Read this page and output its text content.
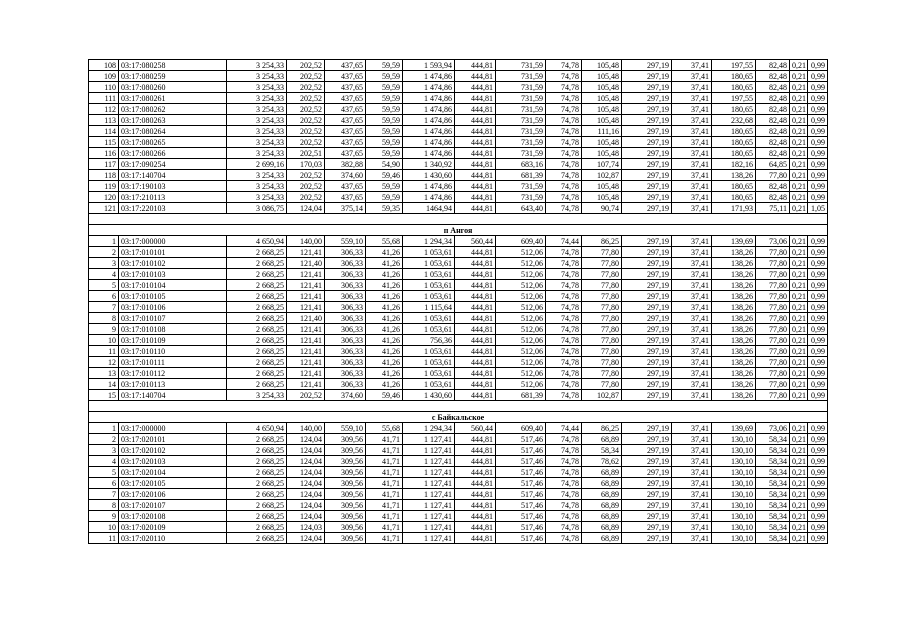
108	03:17:080258	3 254,33	202,52	437,65	59,59	1 593,94	444,81	731,59	74,78	105,48	297,19	37,41	197,55	82,48	0,21	0,99
109	03:17:080259	3 254,33	202,52	437,65	59,59	1 474,86	444,81	731,59	74,78	105,48	297,19	37,41	180,65	82,48	0,21	0,99
110	03:17:080260	3 254,33	202,52	437,65	59,59	1 474,86	444,81	731,59	74,78	105,48	297,19	37,41	180,65	82,48	0,21	0,99
111	03:17:080261	3 254,33	202,52	437,65	59,59	1 474,86	444,81	731,59	74,78	105,48	297,19	37,41	197,55	82,48	0,21	0,99
112	03:17:080262	3 254,33	202,52	437,65	59,59	1 474,86	444,81	731,59	74,78	105,48	297,19	37,41	180,65	82,48	0,21	0,99
113	03:17:080263	3 254,33	202,52	437,65	59,59	1 474,86	444,81	731,59	74,78	105,48	297,19	37,41	232,68	82,48	0,21	0,99
114	03:17:080264	3 254,33	202,52	437,65	59,59	1 474,86	444,81	731,59	74,78	111,16	297,19	37,41	180,65	82,48	0,21	0,99
115	03:17:080265	3 254,33	202,52	437,65	59,59	1 474,86	444,81	731,59	74,78	105,48	297,19	37,41	180,65	82,48	0,21	0,99
116	03:17:080266	3 254,33	202,51	437,65	59,59	1 474,86	444,81	731,59	74,78	105,48	297,19	37,41	180,65	82,48	0,21	0,99
117	03:17:090254	2 699,16	170,03	382,88	54,90	1 340,92	444,81	683,16	74,78	107,74	297,19	37,41	182,16	64,85	0,21	0,99
118	03:17:140704	3 254,33	202,52	374,60	59,46	1 430,60	444,81	681,39	74,78	102,87	297,19	37,41	138,26	77,80	0,21	0,99
119	03:17:190103	3 254,33	202,52	437,65	59,59	1 474,86	444,81	731,59	74,78	105,48	297,19	37,41	180,65	82,48	0,21	0,99
120	03:17:210113	3 254,33	202,52	437,65	59,59	1 474,86	444,81	731,59	74,78	105,48	297,19	37,41	180,65	82,48	0,21	0,99
121	03:17:220103	3 086,75	124,04	375,14	59,35	1464,94	444,81	643,40	74,78	90,74	297,19	37,41	171,93	75,11	0,21	1,05

п Ангоя																
1	03:17:000000	4 650,94	140,00	559,10	55,68	1 294,34	560,44	609,40	74,44	86,25	297,19	37,41	139,69	73,06	0,21	0,99
2	03:17:010101	2 668,25	121,41	306,33	41,26	1 053,61	444,81	512,06	74,78	77,80	297,19	37,41	138,26	77,80	0,21	0,99
3	03:17:010102	2 668,25	121,40	306,33	41,26	1 053,61	444,81	512,06	74,78	77,80	297,19	37,41	138,26	77,80	0,21	0,99
4	03:17:010103	2 668,25	121,41	306,33	41,26	1 053,61	444,81	512,06	74,78	77,80	297,19	37,41	138,26	77,80	0,21	0,99
5	03:17:010104	2 668,25	121,41	306,33	41,26	1 053,61	444,81	512,06	74,78	77,80	297,19	37,41	138,26	77,80	0,21	0,99
6	03:17:010105	2 668,25	121,41	306,33	41,26	1 053,61	444,81	512,06	74,78	77,80	297,19	37,41	138,26	77,80	0,21	0,99
7	03:17:010106	2 668,25	121,41	306,33	41,26	1 115,64	444,81	512,06	74,78	77,80	297,19	37,41	138,26	77,80	0,21	0,99
8	03:17:010107	2 668,25	121,40	306,33	41,26	1 053,61	444,81	512,06	74,78	77,80	297,19	37,41	138,26	77,80	0,21	0,99
9	03:17:010108	2 668,25	121,41	306,33	41,26	1 053,61	444,81	512,06	74,78	77,80	297,19	37,41	138,26	77,80	0,21	0,99
10	03:17:010109	2 668,25	121,41	306,33	41,26	756,36	444,81	512,06	74,78	77,80	297,19	37,41	138,26	77,80	0,21	0,99
11	03:17:010110	2 668,25	121,41	306,33	41,26	1 053,61	444,81	512,06	74,78	77,80	297,19	37,41	138,26	77,80	0,21	0,99
12	03:17:010111	2 668,25	121,41	306,33	41,26	1 053,61	444,81	512,06	74,78	77,80	297,19	37,41	138,26	77,80	0,21	0,99
13	03:17:010112	2 668,25	121,41	306,33	41,26	1 053,61	444,81	512,06	74,78	77,80	297,19	37,41	138,26	77,80	0,21	0,99
14	03:17:010113	2 668,25	121,41	306,33	41,26	1 053,61	444,81	512,06	74,78	77,80	297,19	37,41	138,26	77,80	0,21	0,99
15	03:17:140704	3 254,33	202,52	374,60	59,46	1 430,60	444,81	681,39	74,78	102,87	297,19	37,41	138,26	77,80	0,21	0,99

с Байкальское																
1	03:17:000000	4 650,94	140,00	559,10	55,68	1 294,34	560,44	609,40	74,44	86,25	297,19	37,41	139,69	73,06	0,21	0,99
2	03:17:020101	2 668,25	124,04	309,56	41,71	1 127,41	444,81	517,46	74,78	68,89	297,19	37,41	130,10	58,34	0,21	0,99
3	03:17:020102	2 668,25	124,04	309,56	41,71	1 127,41	444,81	517,46	74,78	58,34	297,19	37,41	130,10	58,34	0,21	0,99
4	03:17:020103	2 668,25	124,04	309,56	41,71	1 127,41	444,81	517,46	74,78	78,62	297,19	37,41	130,10	58,34	0,21	0,99
5	03:17:020104	2 668,25	124,04	309,56	41,71	1 127,41	444,81	517,46	74,78	68,89	297,19	37,41	130,10	58,34	0,21	0,99
6	03:17:020105	2 668,25	124,04	309,56	41,71	1 127,41	444,81	517,46	74,78	68,89	297,19	37,41	130,10	58,34	0,21	0,99
7	03:17:020106	2 668,25	124,04	309,56	41,71	1 127,41	444,81	517,46	74,78	68,89	297,19	37,41	130,10	58,34	0,21	0,99
8	03:17:020107	2 668,25	124,04	309,56	41,71	1 127,41	444,81	517,46	74,78	68,89	297,19	37,41	130,10	58,34	0,21	0,99
9	03:17:020108	2 668,25	124,04	309,56	41,71	1 127,41	444,81	517,46	74,78	68,89	297,19	37,41	130,10	58,34	0,21	0,99
10	03:17:020109	2 668,25	124,03	309,56	41,71	1 127,41	444,81	517,46	74,78	68,89	297,19	37,41	130,10	58,34	0,21	0,99
11	03:17:020110	2 668,25	124,04	309,56	41,71	1 127,41	444,81	517,46	74,78	68,89	297,19	37,41	130,10	58,34	0,21	0,99
